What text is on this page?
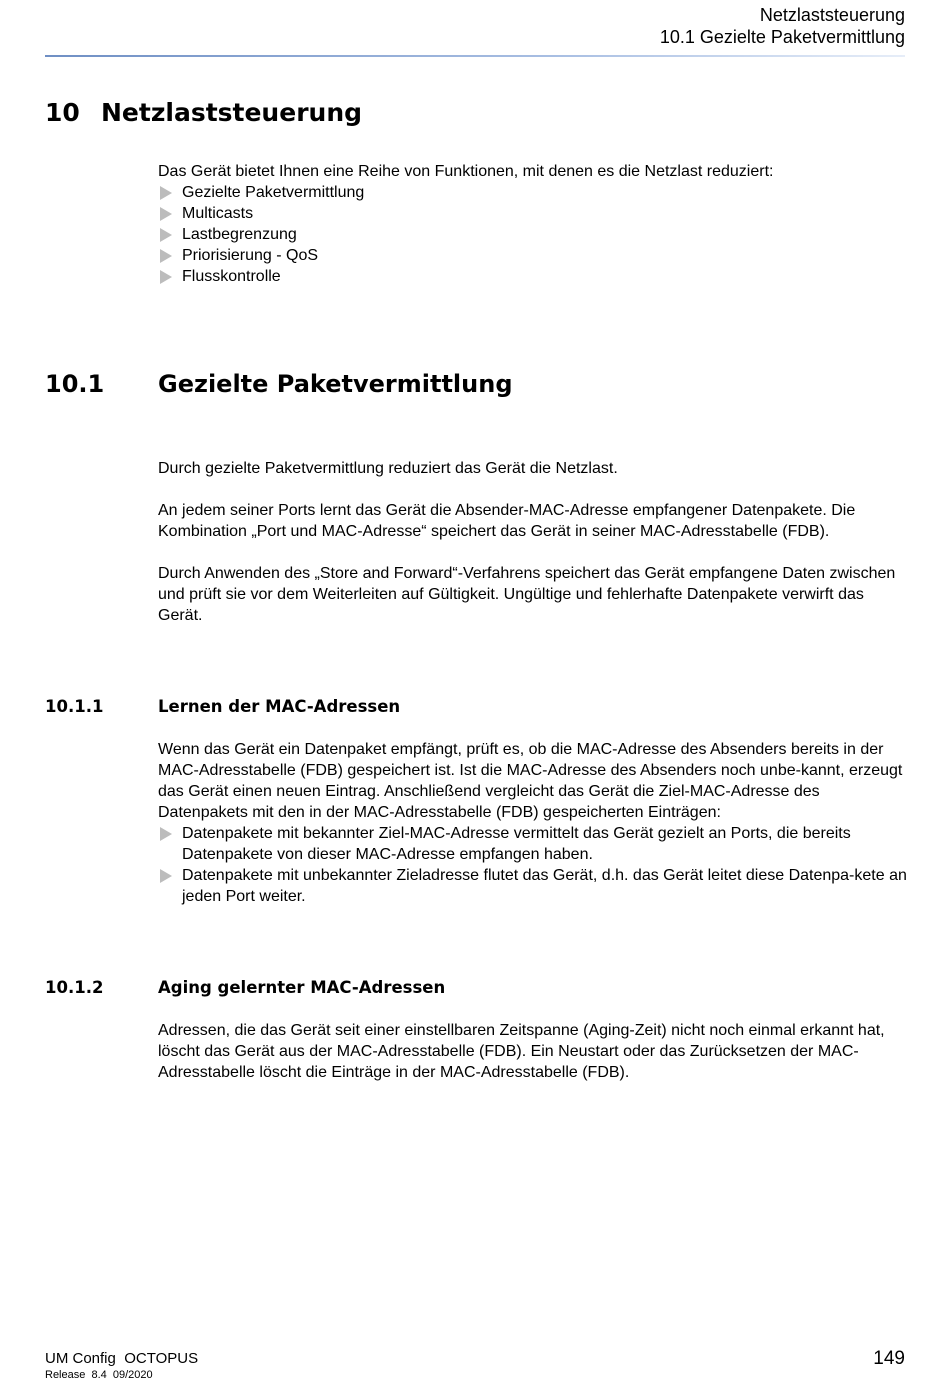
Netzlaststeuerung
10.1 Gezielte Paketvermittlung
10 Netzlaststeuerung

Das Gerät bietet Ihnen eine Reihe von Funktionen, mit denen es die Netzlast reduziert:

Gezielte Paketvermittlung
Multicasts
Lastbegrenzung
Priorisierung - QoS
Flusskontrolle
10.1 Gezielte Paketvermittlung

Durch gezielte Paketvermittlung reduziert das Gerät die Netzlast.

An jedem seiner Ports lernt das Gerät die Absender-MAC-Adresse empfangener Datenpakete. Die Kombination „Port und MAC-Adresse“ speichert das Gerät in seiner MAC-Adresstabelle (FDB).

Durch Anwenden des „Store and Forward“-Verfahrens speichert das Gerät empfangene Daten zwischen und prüft sie vor dem Weiterleiten auf Gültigkeit. Ungültige und fehlerhafte Datenpakete verwirft das Gerät.

10.1.1	Lernen der MAC-Adressen

Wenn das Gerät ein Datenpaket empfängt, prüft es, ob die MAC-Adresse des Absenders bereits in der MAC-Adresstabelle (FDB) gespeichert ist. Ist die MAC-Adresse des Absenders noch unbe-kannt, erzeugt das Gerät einen neuen Eintrag. Anschließend vergleicht das Gerät die Ziel-MAC-Adresse des Datenpakets mit den in der MAC-Adresstabelle (FDB) gespeicherten Einträgen:

Datenpakete mit bekannter Ziel-MAC-Adresse vermittelt das Gerät gezielt an Ports, die bereits Datenpakete von dieser MAC-Adresse empfangen haben.
Datenpakete mit unbekannter Zieladresse flutet das Gerät, d.h. das Gerät leitet diese Datenpa-kete an jeden Port weiter.
10.1.2	Aging gelernter MAC-Adressen

Adressen, die das Gerät seit einer einstellbaren Zeitspanne (Aging-Zeit) nicht noch einmal erkannt hat, löscht das Gerät aus der MAC-Adresstabelle (FDB). Ein Neustart oder das Zurücksetzen der MAC-Adresstabelle löscht die Einträge in der MAC-Adresstabelle (FDB).

UM Config  OCTOPUS
Release  8.4  09/2020
149
